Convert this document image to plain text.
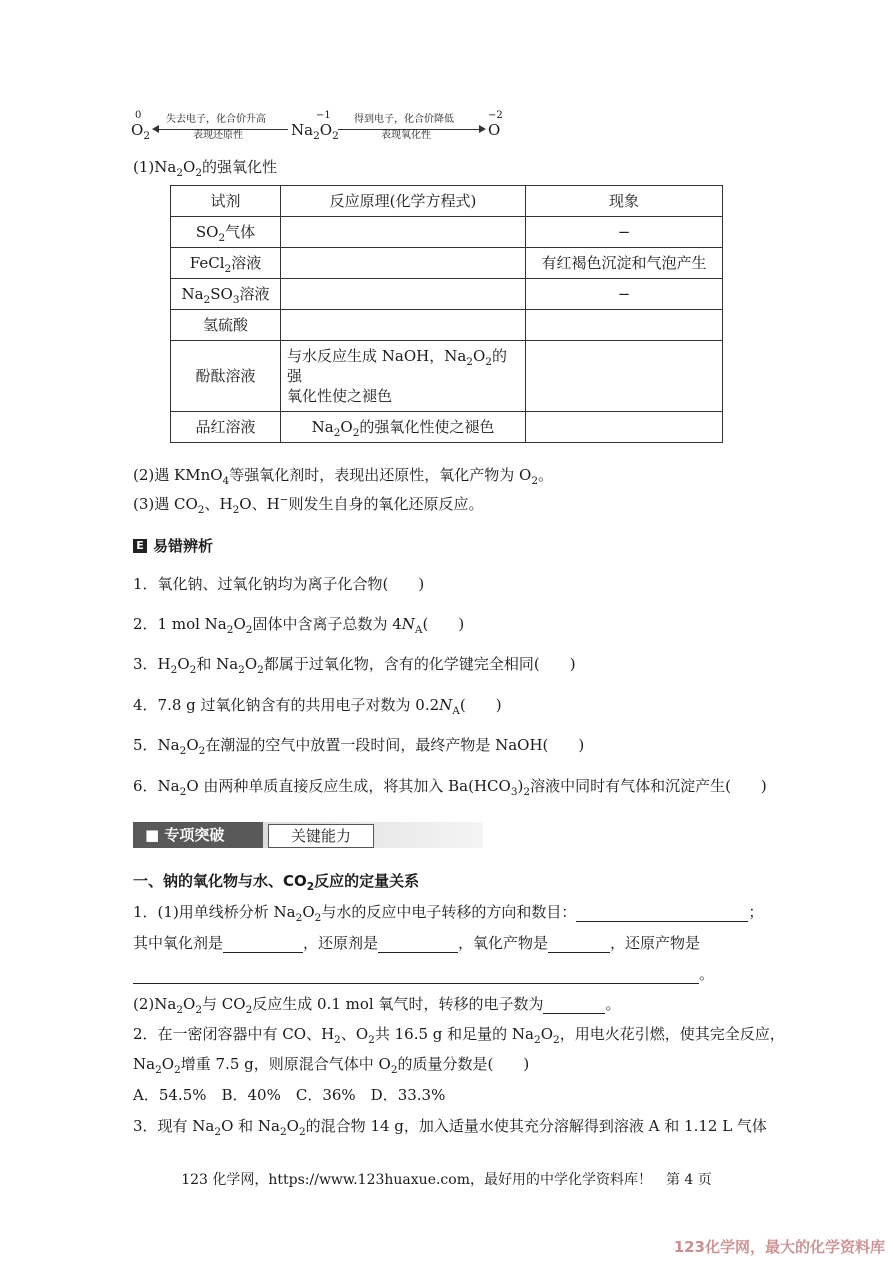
0
$O_2$
失去电子，化合价升高
表现还原性
−1
$Na_2O_2$
得到电子，化合价降低
表现氧化性
−2
O
$(1)Na_2O_2$的强氧化性
试剂	反应原理(化学方程式)	现象
$SO_2$气体		−
FeCl$_2$溶液		有红褐色沉淀和气泡产生
$Na_2SO_3$溶液		−
氢硫酸		
酚酞溶液	与水反应生成 NaOH，$Na_2O_2$的强
氧化性使之褪色	
品红溶液	$Na_2O_2$的强氧化性使之褪色	
(2)遇 KMnO$_4$等强氧化剂时，表现出还原性，氧化产物为 $O_2$。
(3)遇 $CO_2$、$H_2O$、H−则发生自身的氧化还原反应。
E 易错辨析
1．氧化钠、过氧化钠均为离子化合物(　　)
2．1 mol $Na_2O_2$固体中含离子总数为 $4N_A$(　　)
3．$H_2O_2$和 $Na_2O_2$都属于过氧化物，含有的化学键完全相同(　　)
4．7.8 g 过氧化钠含有的共用电子对数为 $0.2N_A$(　　)
5．$Na_2O_2$在潮湿的空气中放置一段时间，最终产物是 NaOH(　　)
6．$Na_2O$ 由两种单质直接反应生成，将其加入 $Ba(HCO_3)_2$溶液中同时有气体和沉淀产生(　　)
■ 专项突破	关键能力
一、钠的氧化物与水、$CO_2$反应的定量关系
1．(1)用单线桥分析 $Na_2O_2$与水的反应中电子转移的方向和数目：	；
其中氧化剂是	，还原剂是	，氧化产物是	，还原产物是
。
$(2)Na_2O_2$与 $CO_2$反应生成 0.1 mol 氧气时，转移的电子数为	。
2．在一密闭容器中有 CO、$H_2$、$O_2$共 16.5 g 和足量的 $Na_2O_2$，用电火花引燃，使其完全反应，
$Na_2O_2$增重 7.5 g，则原混合气体中 $O_2$的质量分数是(　　)
A．54.5%　B．40%　C．36%　D．33.3%
3．现有 $Na_2O$ 和 $Na_2O_2$的混合物 14 g，加入适量水使其充分溶解得到溶液 A 和 1.12 L 气体
123 化学网，https://www.123huaxue.com，最好用的中学化学资料库！　第 4 页
123化学网，最大的化学资料库
